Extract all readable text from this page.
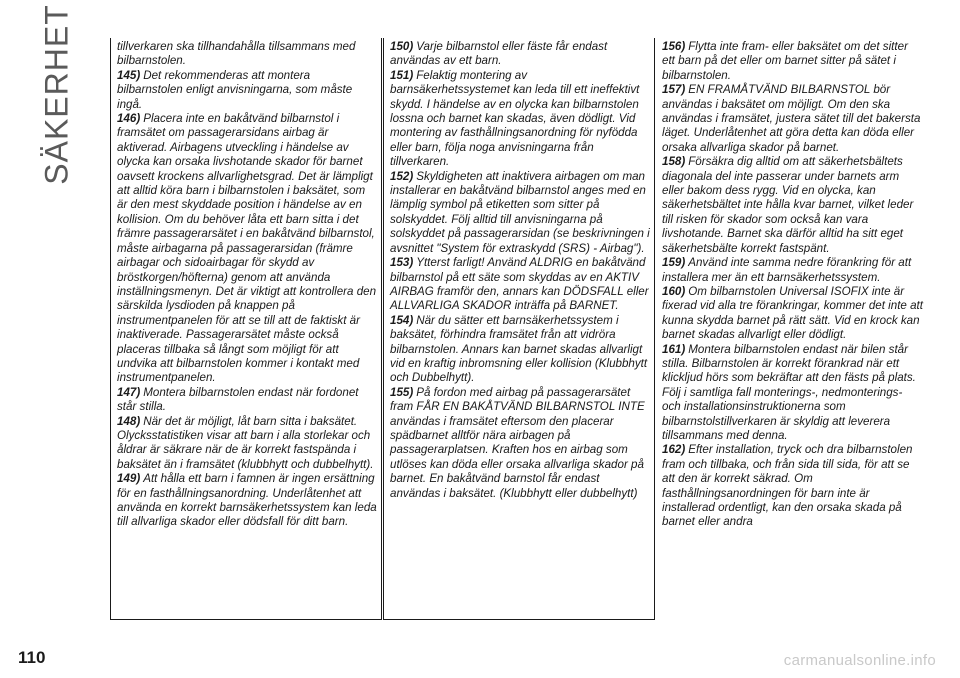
SÄKERHET	tillverkaren ska tillhandahålla tillsammans med bilbarnstolen.

145) Det rekommenderas att montera bilbarnstolen enligt anvisningarna, som måste ingå.

146) Placera inte en bakåtvänd bilbarnstol i framsätet om passagerarsidans airbag är aktiverad. Airbagens utveckling i händelse av olycka kan orsaka livshotande skador för barnet oavsett krockens allvarlighetsgrad. Det är lämpligt att alltid köra barn i bilbarnstolen i baksätet, som är den mest skyddade position i händelse av en kollision. Om du behöver låta ett barn sitta i det främre passagerarsätet i en bakåtvänd bilbarnstol, måste airbagarna på passagerarsidan (främre airbagar och sidoairbagar för skydd av bröstkorgen/höfterna) genom att använda inställningsmenyn. Det är viktigt att kontrollera den särskilda lysdioden på knappen på instrumentpanelen för att se till att de faktiskt är inaktiverade. Passagerarsätet måste också placeras tillbaka så långt som möjligt för att undvika att bilbarnstolen kommer i kontakt med instrumentpanelen.

147) Montera bilbarnstolen endast när fordonet står stilla.

148) När det är möjligt, låt barn sitta i baksätet. Olycksstatistiken visar att barn i alla storlekar och åldrar är säkrare när de är korrekt fastspända i baksätet än i framsätet (klubbhytt och dubbelhytt).

149) Att hålla ett barn i famnen är ingen ersättning för en fasthållningsanordning. Underlåtenhet att använda en korrekt barnsäkerhetssystem kan leda till allvarliga skador eller dödsfall för ditt barn.

150) Varje bilbarnstol eller fäste får endast användas av ett barn.

151) Felaktig montering av barnsäkerhetssystemet kan leda till ett ineffektivt skydd. I händelse av en olycka kan bilbarnstolen lossna och barnet kan skadas, även dödligt. Vid montering av fasthållningsanordning för nyfödda eller barn, följa noga anvisningarna från tillverkaren.

152) Skyldigheten att inaktivera airbagen om man installerar en bakåtvänd bilbarnstol anges med en lämplig symbol på etiketten som sitter på solskyddet. Följ alltid till anvisningarna på solskyddet på passagerarsidan (se beskrivningen i avsnittet "System för extraskydd (SRS) - Airbag").

153) Ytterst farligt! Använd ALDRIG en bakåtvänd bilbarnstol på ett säte som skyddas av en AKTIV AIRBAG framför den, annars kan DÖDSFALL eller ALLVARLIGA SKADOR inträffa på BARNET.

154) När du sätter ett barnsäkerhetssystem i baksätet, förhindra framsätet från att vidröra bilbarnstolen. Annars kan barnet skadas allvarligt vid en kraftig inbromsning eller kollision (Klubbhytt och Dubbelhytt).

155) På fordon med airbag på passagerarsätet fram FÅR EN BAKÅTVÄND BILBARNSTOL INTE användas i framsätet eftersom den placerar spädbarnet alltför nära airbagen på passagerarplatsen. Kraften hos en airbag som utlöses kan döda eller orsaka allvarliga skador på barnet. En bakåtvänd barnstol får endast användas i baksätet. (Klubbhytt eller dubbelhytt)

156) Flytta inte fram- eller baksätet om det sitter ett barn på det eller om barnet sitter på sätet i bilbarnstolen.

157) EN FRAMÅTVÄND BILBARNSTOL bör användas i baksätet om möjligt. Om den ska användas i framsätet, justera sätet till det bakersta läget. Underlåtenhet att göra detta kan döda eller orsaka allvarliga skador på barnet.

158) Försäkra dig alltid om att säkerhetsbältets diagonala del inte passerar under barnets arm eller bakom dess rygg. Vid en olycka, kan säkerhetsbältet inte hålla kvar barnet, vilket leder till risken för skador som också kan vara livshotande. Barnet ska därför alltid ha sitt eget säkerhetsbälte korrekt fastspänt.

159) Använd inte samma nedre förankring för att installera mer än ett barnsäkerhetssystem.

160) Om bilbarnstolen Universal ISOFIX inte är fixerad vid alla tre förankringar, kommer det inte att kunna skydda barnet på rätt sätt. Vid en krock kan barnet skadas allvarligt eller dödligt.

161) Montera bilbarnstolen endast när bilen står stilla. Bilbarnstolen är korrekt förankrad när ett klickljud hörs som bekräftar att den fästs på plats. Följ i samtliga fall monterings-, nedmonterings- och installationsinstruktionerna som bilbarnstolstillverkaren är skyldig att leverera tillsammans med denna.

162) Efter installation, tryck och dra bilbarnstolen fram och tillbaka, och från sida till sida, för att se att den är korrekt säkrad. Om fasthållningsanordningen för barn inte är installerad ordentligt, kan den orsaka skada på barnet eller andra

110	carmanualsonline.info
